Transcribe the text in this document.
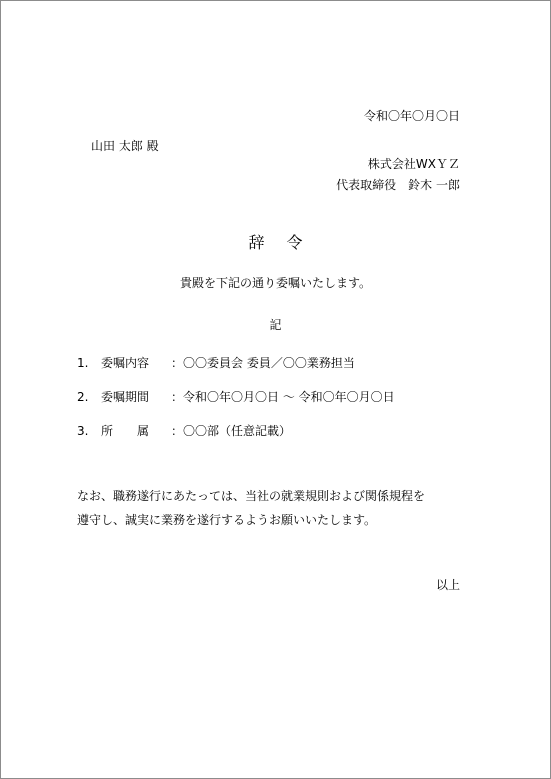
令和〇年〇月〇日
山田 太郎 殿
株式会社WXＹＺ
代表取締役　鈴木 一郎
辞 令
貴殿を下記の通り委嘱いたします。
記
1. 委嘱内容 ：〇〇委員会 委員／〇〇業務担当
2. 委嘱期間 ：令和〇年〇月〇日 ～ 令和〇年〇月〇日
3. 所　　属 ：〇〇部（任意記載）
なお、職務遂行にあたっては、当社の就業規則および関係規程を
遵守し、誠実に業務を遂行するようお願いいたします。
以上
